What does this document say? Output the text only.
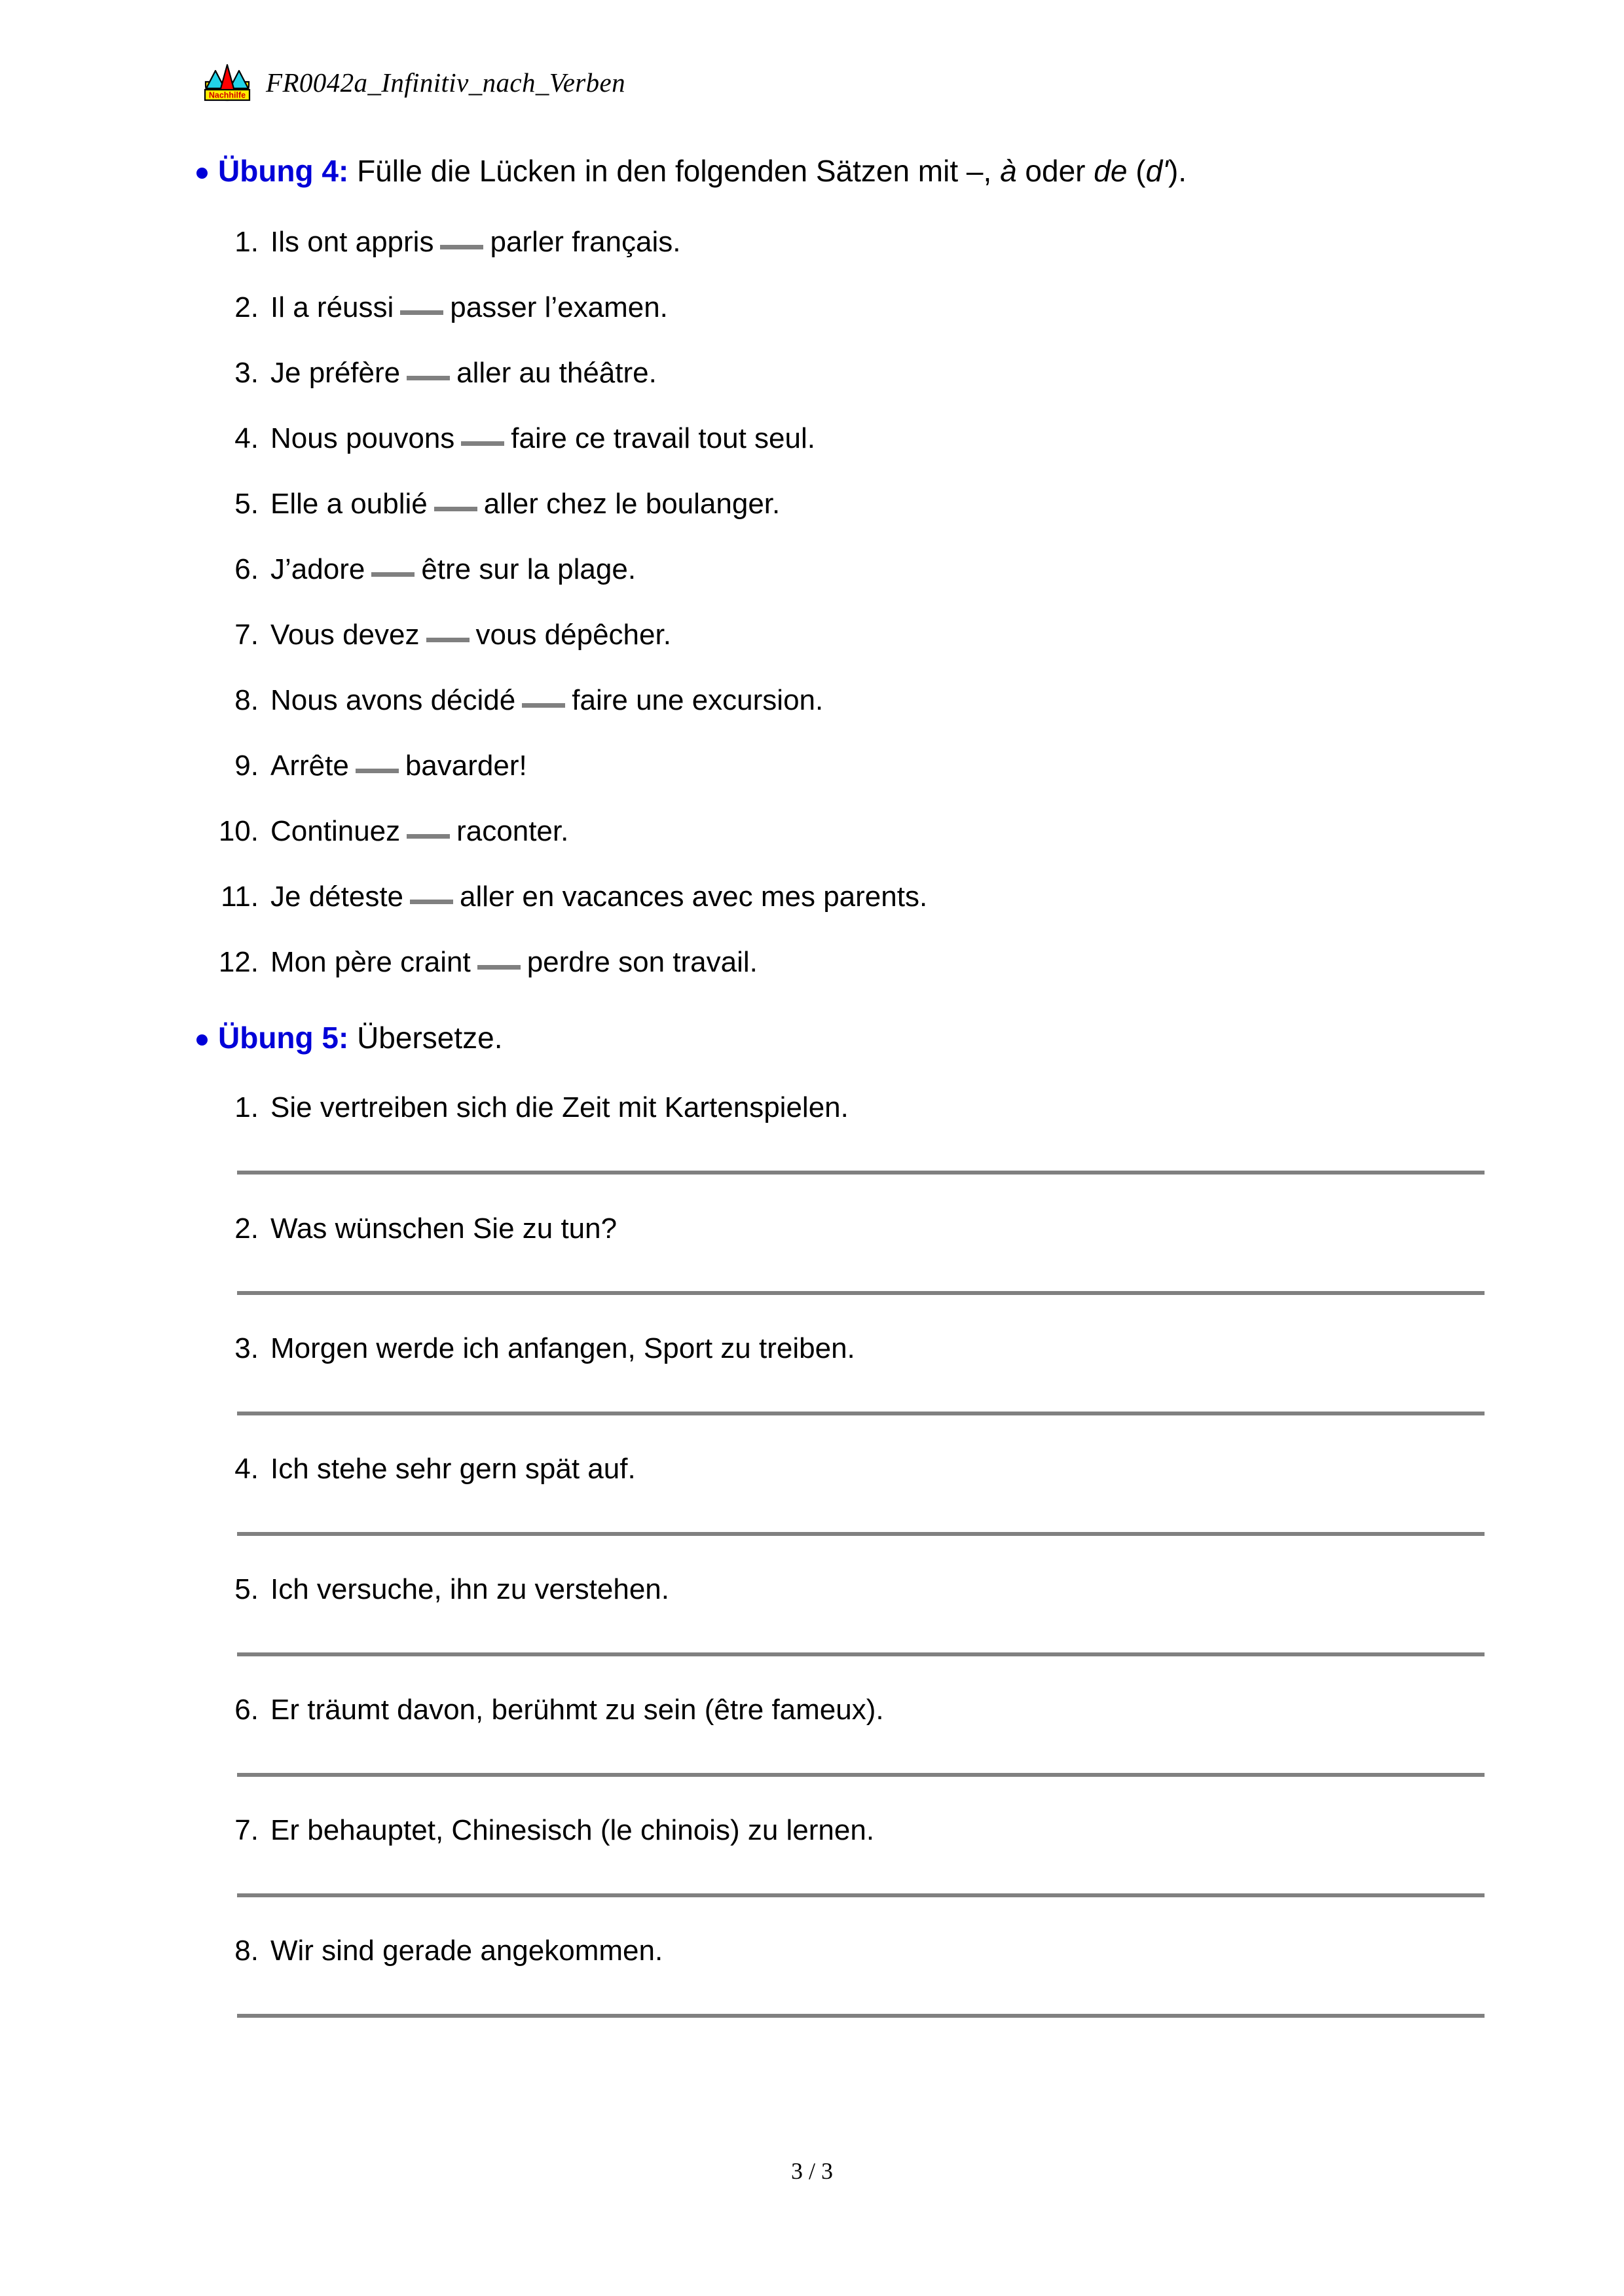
Nachhilfe FR0042a_Infinitiv_nach_Verben
Übung 4: Fülle die Lücken in den folgenden Sätzen mit –, à oder de (d').
1. Ils ont appris parler français.
2. Il a réussi passer l’examen.
3. Je préfère aller au théâtre.
4. Nous pouvons faire ce travail tout seul.
5. Elle a oublié aller chez le boulanger.
6. J’adore être sur la plage.
7. Vous devez vous dépêcher.
8. Nous avons décidé faire une excursion.
9. Arrête bavarder!
10. Continuez raconter.
11. Je déteste aller en vacances avec mes parents.
12. Mon père craint perdre son travail.
Übung 5: Übersetze.
1. Sie vertreiben sich die Zeit mit Kartenspielen.
2. Was wünschen Sie zu tun?
3. Morgen werde ich anfangen, Sport zu treiben.
4. Ich stehe sehr gern spät auf.
5. Ich versuche, ihn zu verstehen.
6. Er träumt davon, berühmt zu sein (être fameux).
7. Er behauptet, Chinesisch (le chinois) zu lernen.
8. Wir sind gerade angekommen.
3 / 3
